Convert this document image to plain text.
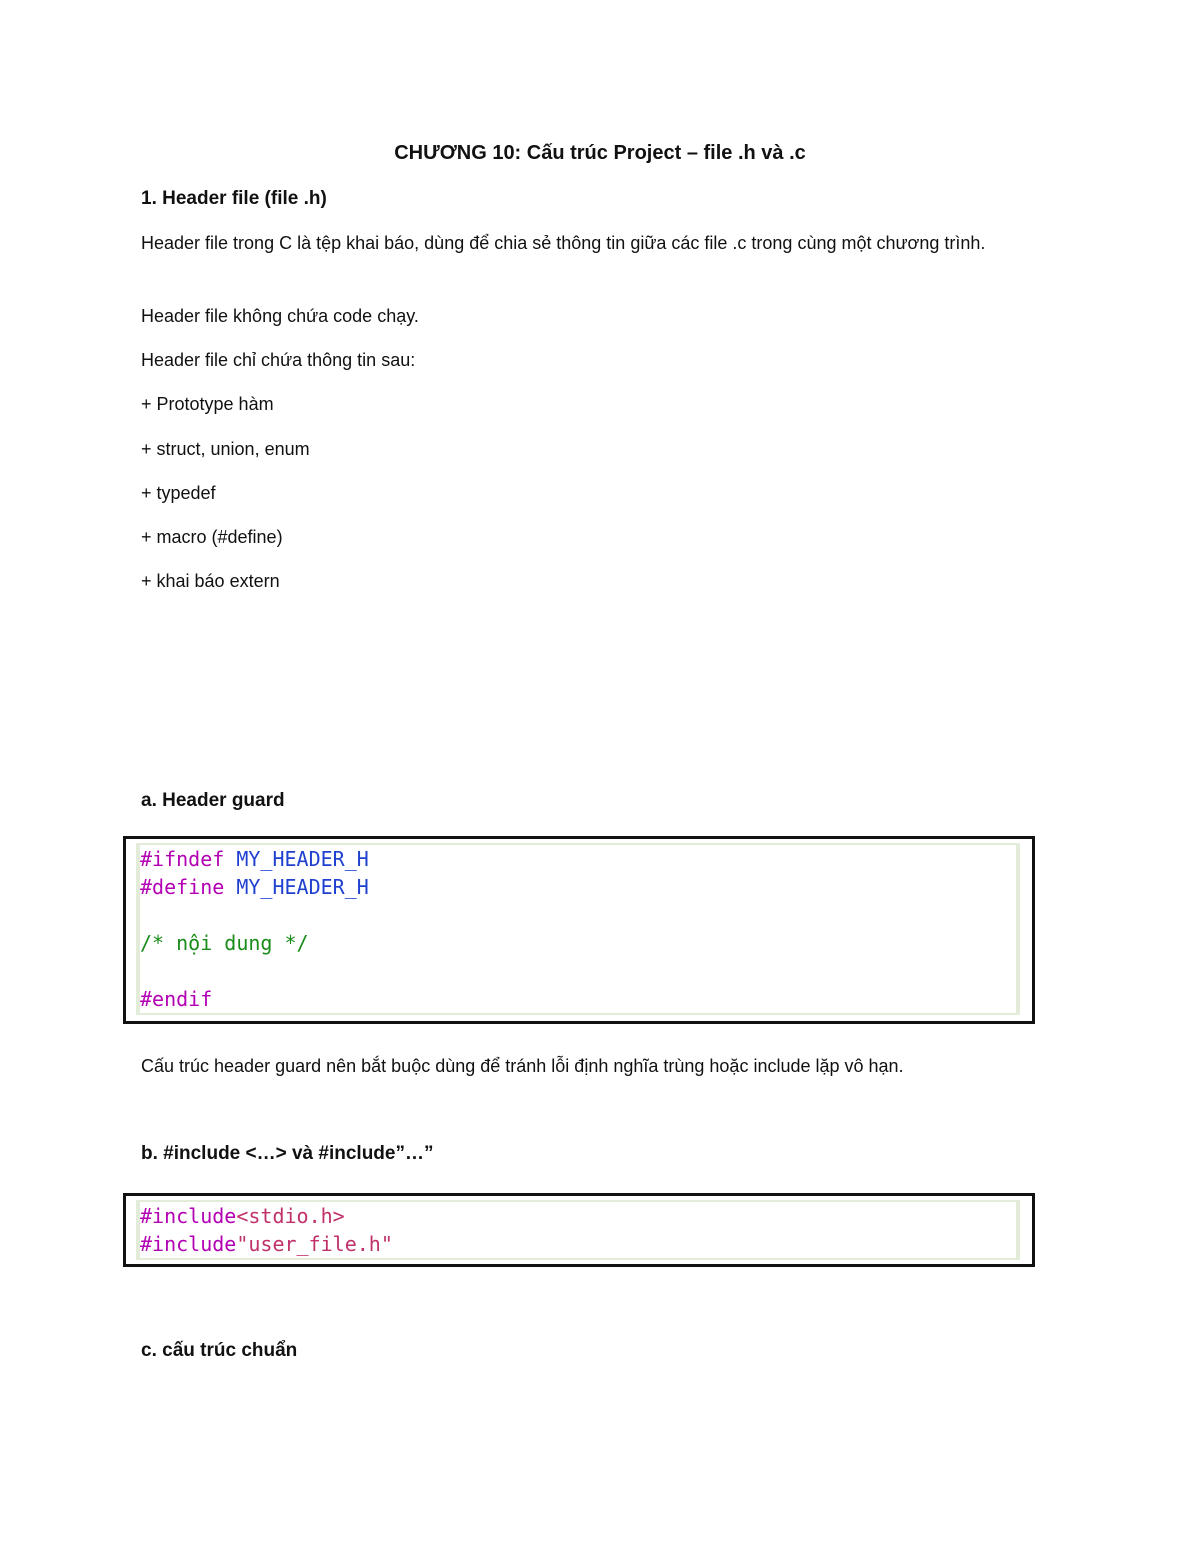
CHƯƠNG 10: Cấu trúc Project – file .h và .c
1. Header file (file .h)
Header file trong C là tệp khai báo, dùng để chia sẻ thông tin giữa các file .c trong cùng một chương trình.
Header file không chứa code chạy.
Header file chỉ chứa thông tin sau:
+ Prototype hàm
+ struct, union, enum
+ typedef
+ macro (#define)
+ khai báo extern
a. Header guard
#ifndef MY_HEADER_H
#define MY_HEADER_H

/* nội dung */

#endif
Cấu trúc header guard nên bắt buộc dùng để tránh lỗi định nghĩa trùng hoặc include lặp vô hạn.
b. #include <…> và #include”…”
#include<stdio.h>
#include"user_file.h"
c. cấu trúc chuẩn
